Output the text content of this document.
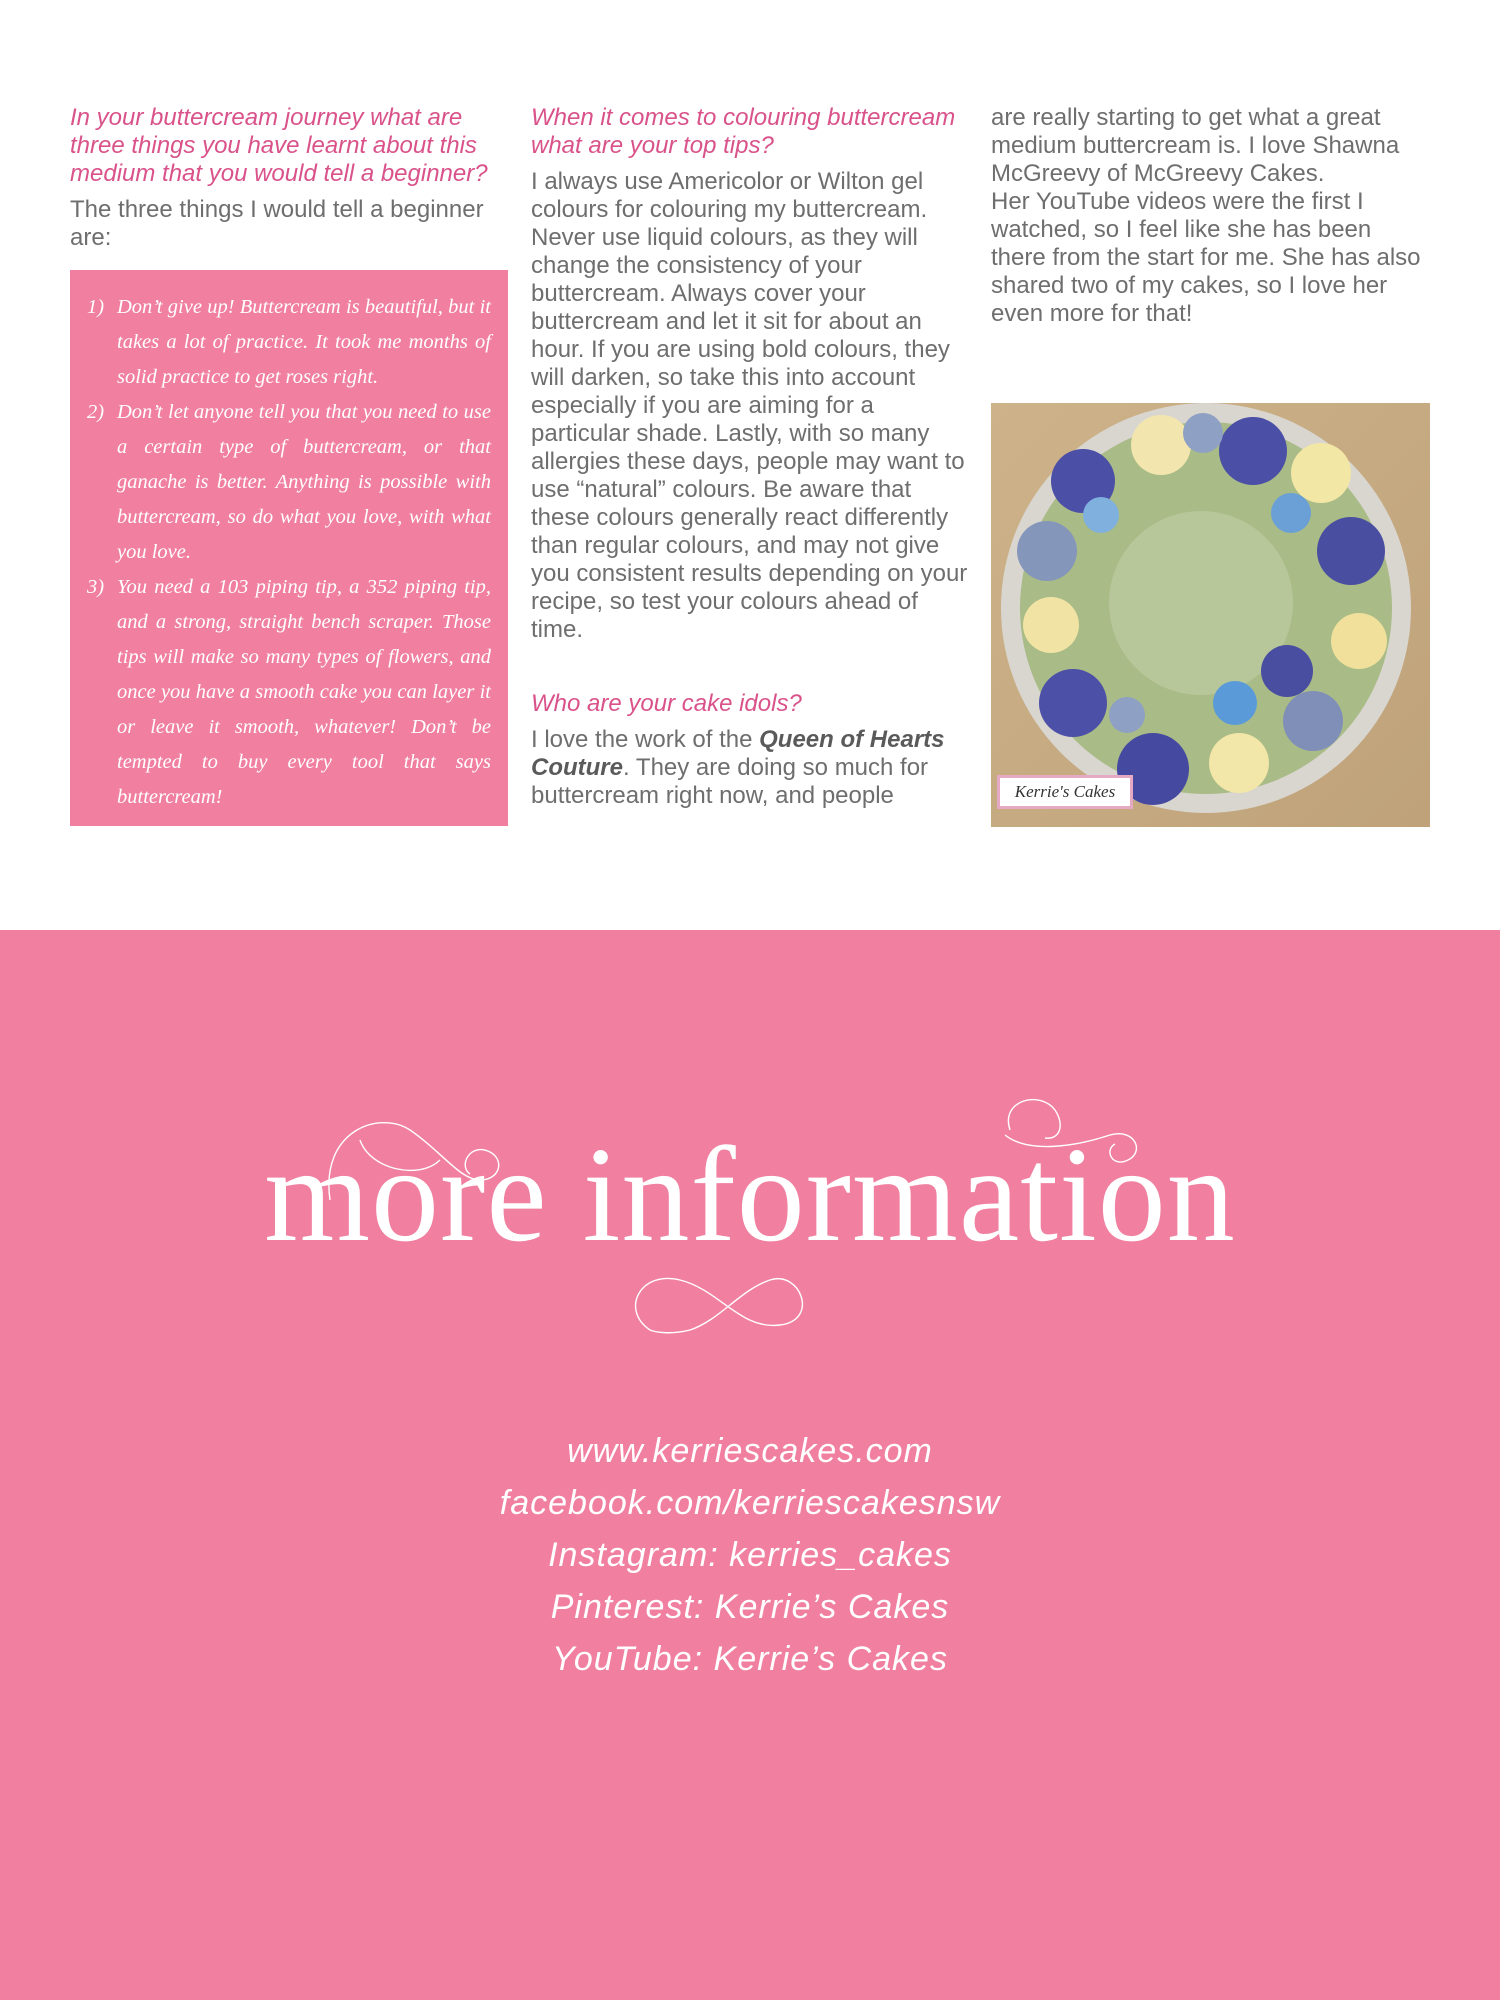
In your buttercream journey what are three things you have learnt about this medium that you would tell a beginner?

The three things I would tell a beginner are:

1) Don’t give up! Buttercream is beautiful, but it takes a lot of practice. It took me months of solid practice to get roses right.
2) Don’t let anyone tell you that you need to use a certain type of buttercream, or that ganache is better. Anything is possible with buttercream, so do what you love, with what you love.
3) You need a 103 piping tip, a 352 piping tip, and a strong, straight bench scraper. Those tips will make so many types of flowers, and once you have a smooth cake you can layer it or leave it smooth, whatever! Don’t be tempted to buy every tool that says buttercream!

When it comes to colouring buttercream what are your top tips?

I always use Americolor or Wilton gel colours for colouring my buttercream. Never use liquid colours, as they will change the consistency of your buttercream. Always cover your buttercream and let it sit for about an hour. If you are using bold colours, they will darken, so take this into account especially if you are aiming for a particular shade. Lastly, with so many allergies these days, people may want to use “natural” colours. Be aware that these colours generally react differently than regular colours, and may not give you consistent results depending on your recipe, so test your colours ahead of time.

Who are your cake idols?

I love the work of the Queen of Hearts Couture. They are doing so much for buttercream right now, and people

are really starting to get what a great medium buttercream is. I love Shawna McGreevy of McGreevy Cakes.

Her YouTube videos were the first I watched, so I feel like she has been there from the start for me. She has also shared two of my cakes, so I love her even more for that!

Kerrie's Cakes
more information
www.kerriescakes.com
facebook.com/kerriescakesnsw
Instagram: kerries_cakes
Pinterest: Kerrie’s Cakes
YouTube: Kerrie’s Cakes
